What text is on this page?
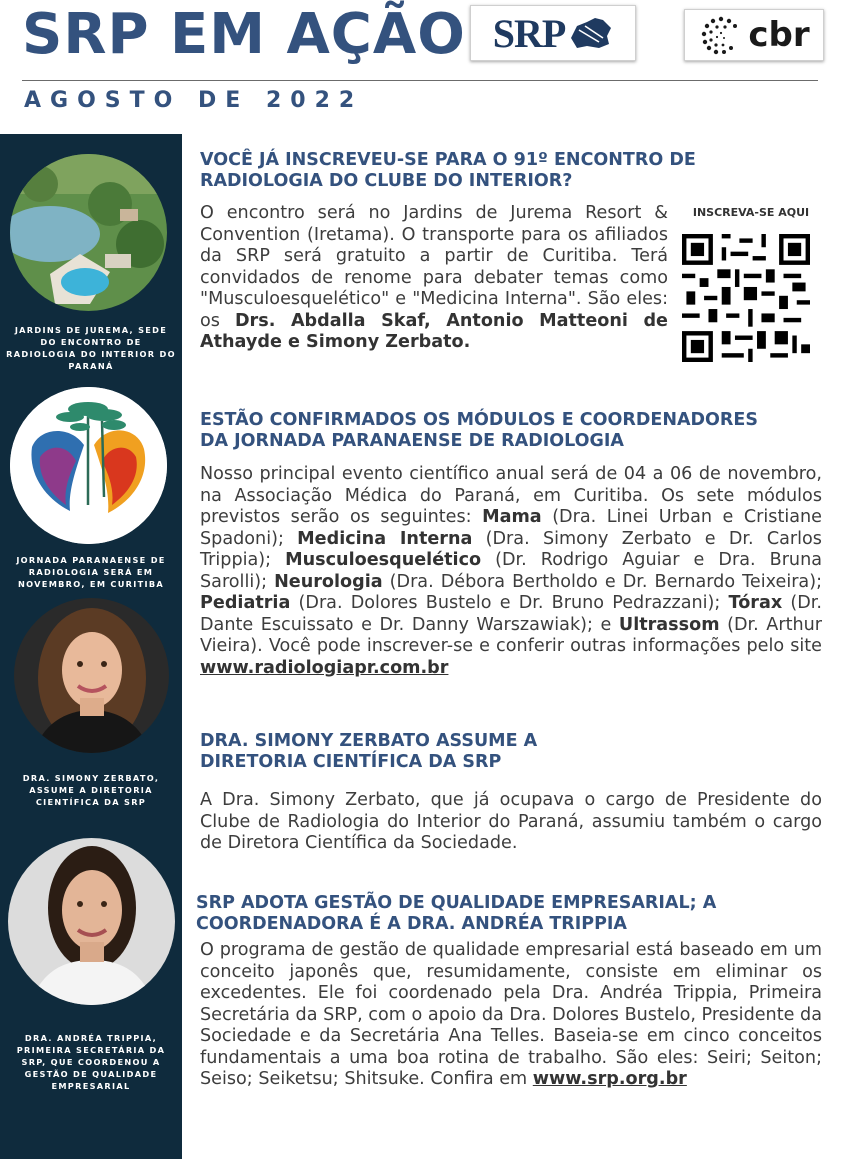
SRP EM AÇÃO SRP	cbr
AGOSTO DE 2022

JARDINS DE JUREMA, SEDE DO ENCONTRO DE RADIOLOGIA DO INTERIOR DO PARANÁ

JORNADA PARANAENSE DE RADIOLOGIA SERÁ EM NOVEMBRO, EM CURITIBA

DRA. SIMONY ZERBATO, ASSUME A DIRETORIA CIENTÍFICA DA SRP

DRA. ANDRÉA TRIPPIA, PRIMEIRA SECRETÁRIA DA SRP, QUE COORDENOU A GESTÃO DE QUALIDADE EMPRESARIAL

VOCÊ JÁ INSCREVEU-SE PARA O 91º ENCONTRO DE
RADIOLOGIA DO CLUBE DO INTERIOR?

O encontro será no Jardins de Jurema Resort & Convention (Iretama). O transporte para os afiliados da SRP será gratuito a partir de Curitiba. Terá convidados de renome para debater temas como "Musculoesquelético" e "Medicina Interna". São eles: os Drs. Abdalla Skaf, Antonio Matteoni de Athayde e Simony Zerbato.

INSCREVA-SE AQUI

ESTÃO CONFIRMADOS OS MÓDULOS E COORDENADORES
DA JORNADA PARANAENSE DE RADIOLOGIA

Nosso principal evento científico anual será de 04 a 06 de novembro, na Associação Médica do Paraná, em Curitiba. Os sete módulos previstos serão os seguintes: Mama (Dra. Linei Urban e Cristiane Spadoni); Medicina Interna (Dra. Simony Zerbato e Dr. Carlos Trippia); Musculoesquelético (Dr. Rodrigo Aguiar e Dra. Bruna Sarolli); Neurologia (Dra. Débora Bertholdo e Dr. Bernardo Teixeira); Pediatria (Dra. Dolores Bustelo e Dr. Bruno Pedrazzani); Tórax (Dr. Dante Escuissato e Dr. Danny Warszawiak); e Ultrassom (Dr. Arthur Vieira). Você pode inscrever-se e conferir outras informações pelo site www.radiologiapr.com.br

DRA. SIMONY ZERBATO ASSUME A
DIRETORIA CIENTÍFICA DA SRP

A Dra. Simony Zerbato, que já ocupava o cargo de Presidente do Clube de Radiologia do Interior do Paraná, assumiu também o cargo de Diretora Científica da Sociedade.

SRP ADOTA GESTÃO DE QUALIDADE EMPRESARIAL; A
COORDENADORA É A DRA. ANDRÉA TRIPPIA

O programa de gestão de qualidade empresarial está baseado em um conceito japonês que, resumidamente, consiste em eliminar os excedentes. Ele foi coordenado pela Dra. Andréa Trippia, Primeira Secretária da SRP, com o apoio da Dra. Dolores Bustelo, Presidente da Sociedade e da Secretária Ana Telles. Baseia-se em cinco conceitos fundamentais a uma boa rotina de trabalho. São eles: Seiri; Seiton; Seiso; Seiketsu; Shitsuke. Confira em www.srp.org.br
